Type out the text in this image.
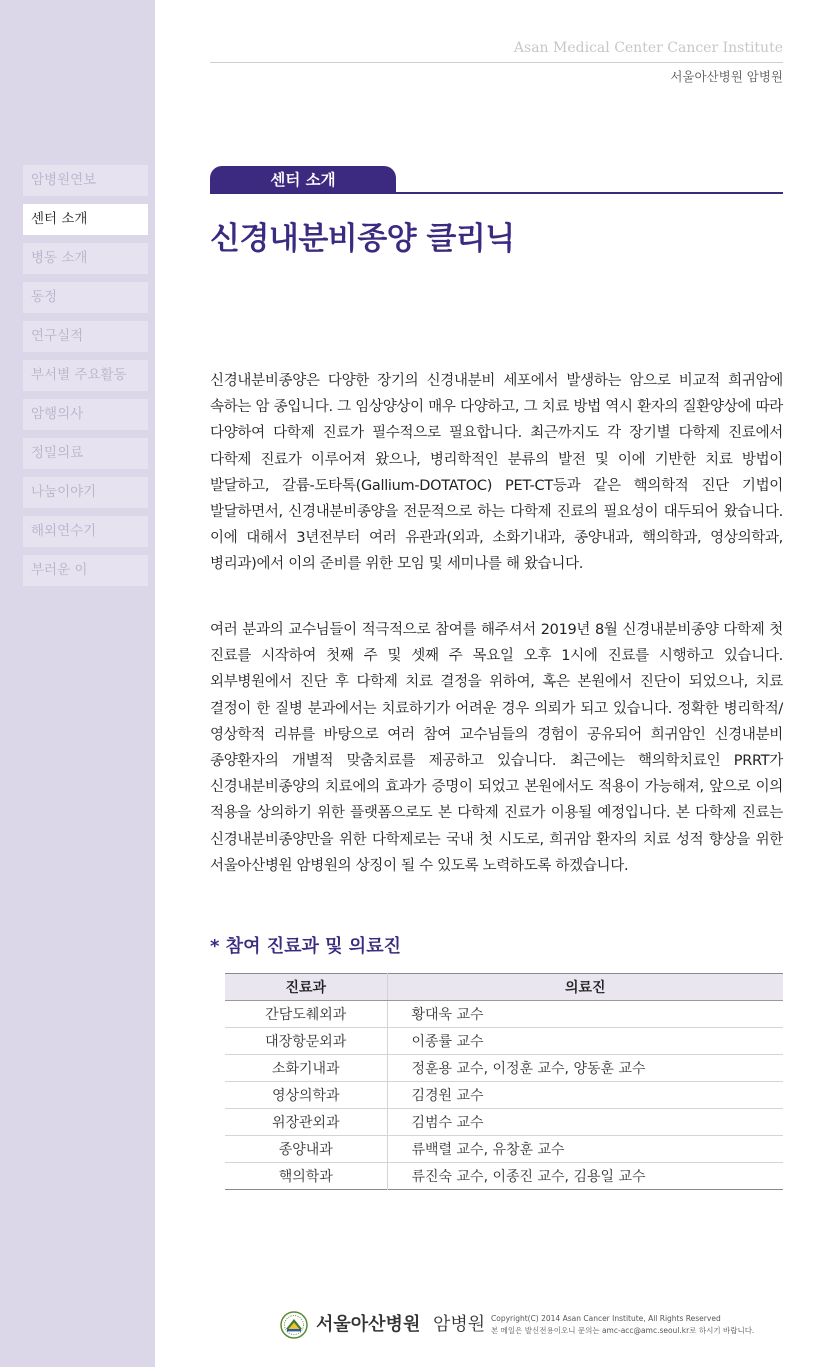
암병원연보
센터 소개
병동 소개
동정
연구실적
부서별 주요활동
암행의사
정밀의료
나눔이야기
해외연수기
부러운 이
Asan Medical Center Cancer Institute
서울아산병원 암병원
센터 소개
신경내분비종양 클리닉

신경내분비종양은 다양한 장기의 신경내분비 세포에서 발생하는 암으로 비교적 희귀암에 속하는 암 종입니다. 그 임상양상이 매우 다양하고, 그 치료 방법 역시 환자의 질환양상에 따라 다양하여 다학제 진료가 필수적으로 필요합니다. 최근까지도 각 장기별 다학제 진료에서 다학제 진료가 이루어져 왔으나, 병리학적인 분류의 발전 및 이에 기반한 치료 방법이 발달하고, 갈륨-도타톡(Gallium-DOTATOC) PET-CT등과 같은 핵의학적 진단 기법이 발달하면서, 신경내분비종양을 전문적으로 하는 다학제 진료의 필요성이 대두되어 왔습니다. 이에 대해서 3년전부터 여러 유관과(외과, 소화기내과, 종양내과, 핵의학과, 영상의학과, 병리과)에서 이의 준비를 위한 모임 및 세미나를 해 왔습니다.

여러 분과의 교수님들이 적극적으로 참여를 해주셔서 2019년 8월 신경내분비종양 다학제 첫 진료를 시작하여 첫째 주 및 셋째 주 목요일 오후 1시에 진료를 시행하고 있습니다. 외부병원에서 진단 후 다학제 치료 결정을 위하여, 혹은 본원에서 진단이 되었으나, 치료 결정이 한 질병 분과에서는 치료하기가 어려운 경우 의뢰가 되고 있습니다. 정확한 병리학적/영상학적 리뷰를 바탕으로 여러 참여 교수님들의 경험이 공유되어 희귀암인 신경내분비 종양환자의 개별적 맞춤치료를 제공하고 있습니다. 최근에는 핵의학치료인 PRRT가 신경내분비종양의 치료에의 효과가 증명이 되었고 본원에서도 적용이 가능해져, 앞으로 이의 적용을 상의하기 위한 플랫폼으로도 본 다학제 진료가 이용될 예정입니다. 본 다학제 진료는 신경내분비종양만을 위한 다학제로는 국내 첫 시도로, 희귀암 환자의 치료 성적 향상을 위한 서울아산병원 암병원의 상징이 될 수 있도록 노력하도록 하겠습니다.

* 참여 진료과 및 의료진
진료과	의료진
간담도췌외과	황대욱 교수
대장항문외과	이종률 교수
소화기내과	정훈용 교수, 이정훈 교수, 양동훈 교수
영상의학과	김경원 교수
위장관외과	김범수 교수
종양내과	류백렬 교수, 유창훈 교수
핵의학과	류진숙 교수, 이종진 교수, 김용일 교수
서울아산병원 암병원 Copyright(C) 2014 Asan Cancer Institute, All Rights Reserved
본 메일은 발신전용이오니 문의는 amc-acc@amc.seoul.kr로 하시기 바랍니다.
